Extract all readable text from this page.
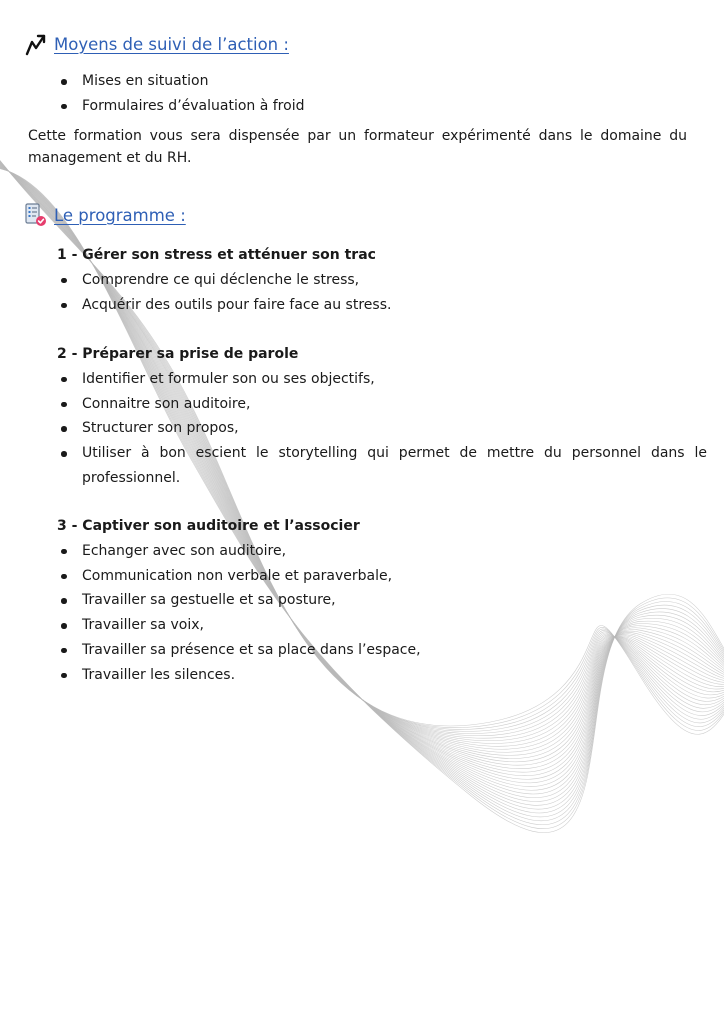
Moyens de suivi de l’action :
Mises en situation
Formulaires d’évaluation à froid

Cette formation vous sera dispensée par un formateur expérimenté dans le domaine du management et du RH.

Le programme :

1 - Gérer son stress et atténuer son trac

Comprendre ce qui déclenche le stress,
Acquérir des outils pour faire face au stress.

2 - Préparer sa prise de parole

Identifier et formuler son ou ses objectifs,
Connaitre son auditoire,
Structurer son propos,
Utiliser à bon escient le storytelling qui permet de mettre du personnel dans le professionnel.

3 - Captiver son auditoire et l’associer

Echanger avec son auditoire,
Communication non verbale et paraverbale,
Travailler sa gestuelle et sa posture,
Travailler sa voix,
Travailler sa présence et sa place dans l’espace,
Travailler les silences.
